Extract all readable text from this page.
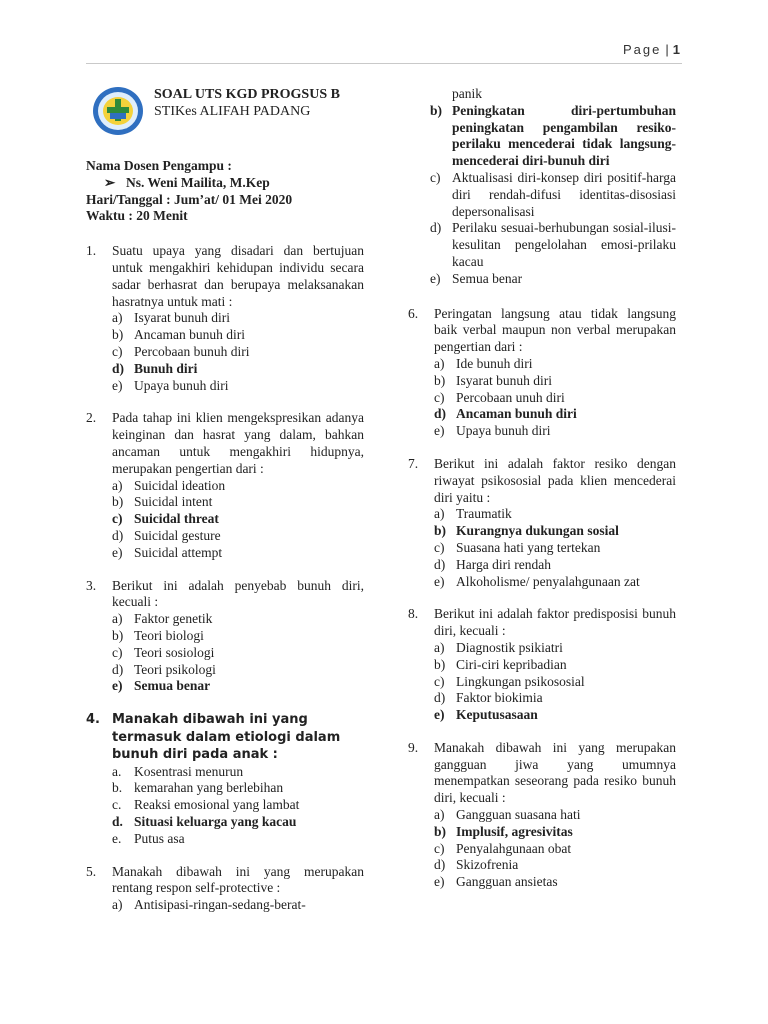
Page | 1
SOAL UTS KGD PROGSUS B
STIKes ALIFAH PADANG
Nama Dosen Pengampu :
➢ Ns. Weni Mailita, M.Kep
Hari/Tanggal : Jum’at/ 01 Mei 2020
Waktu : 20 Menit
1.	Suatu upaya yang disadari dan bertujuan untuk mengakhiri kehidupan individu secara sadar berhasrat dan berupaya melaksanakan hasratnya untuk mati :
a) Isyarat bunuh diri
b) Ancaman bunuh diri
c) Percobaan bunuh diri
d) Bunuh diri
e) Upaya bunuh diri
2.	Pada tahap ini klien mengekspresikan adanya keinginan dan hasrat yang dalam, bahkan ancaman untuk mengakhiri hidupnya, merupakan pengertian dari :
a) Suicidal ideation
b) Suicidal intent
c) Suicidal threat
d) Suicidal gesture
e) Suicidal attempt
3.	Berikut ini adalah penyebab bunuh diri, kecuali :
a) Faktor genetik
b) Teori biologi
c) Teori sosiologi
d) Teori psikologi
e) Semua benar
4. Manakah dibawah ini yang termasuk dalam etiologi dalam bunuh diri pada anak :
a. Kosentrasi menurun
b. kemarahan yang berlebihan
c. Reaksi emosional yang lambat
d. Situasi keluarga yang kacau
e. Putus asa
5.	Manakah dibawah ini yang merupakan rentang respon self-protective :
a) Antisipasi-ringan-sedang-berat-
panik
b) Peningkatan diri-pertumbuhan peningkatan pengambilan resiko-perilaku mencederai tidak langsung-mencederai diri-bunuh diri
c) Aktualisasi diri-konsep diri positif-harga diri rendah-difusi identitas-disosiasi depersonalisasi
d) Perilaku sesuai-berhubungan sosial-ilusi-kesulitan pengelolahan emosi-prilaku kacau
e) Semua benar
6.	Peringatan langsung atau tidak langsung baik verbal maupun non verbal merupakan pengertian dari :
a) Ide bunuh diri
b) Isyarat bunuh diri
c) Percobaan unuh diri
d) Ancaman bunuh diri
e) Upaya bunuh diri
7.	Berikut ini adalah faktor resiko dengan riwayat psikososial pada klien mencederai diri yaitu :
a) Traumatik
b) Kurangnya dukungan sosial
c) Suasana hati yang tertekan
d) Harga diri rendah
e) Alkoholisme/ penyalahgunaan zat
8.	Berikut ini adalah faktor predisposisi bunuh diri, kecuali :
a) Diagnostik psikiatri
b) Ciri-ciri kepribadian
c) Lingkungan psikososial
d) Faktor biokimia
e) Keputusasaan
9.	Manakah dibawah ini yang merupakan gangguan jiwa yang umumnya menempatkan seseorang pada resiko bunuh diri, kecuali :
a) Gangguan suasana hati
b) Implusif, agresivitas
c) Penyalahgunaan obat
d) Skizofrenia
e) Gangguan ansietas
